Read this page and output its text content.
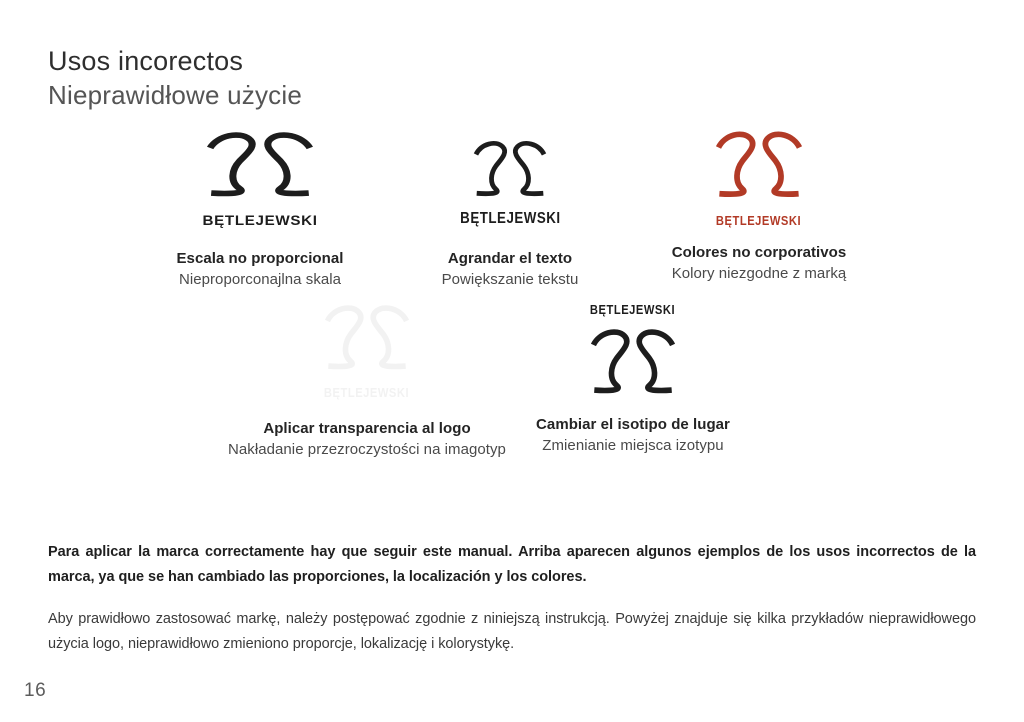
Usos incorectos
Nieprawidłowe użycie
BĘTLEJEWSKI
Escala no proporcional
Nieproporconajlna skala
BĘTLEJEWSKI
Agrandar el texto
Powiększanie tekstu
BĘTLEJEWSKI
Colores no corporativos
Kolory niezgodne z marką
BĘTLEJEWSKI
Aplicar transparencia al logo
Nakładanie przezroczystości na imagotyp
BĘTLEJEWSKI
Cambiar el isotipo de lugar
Zmienianie miejsca izotypu

Para aplicar la marca correctamente hay que seguir este manual. Arriba aparecen algunos ejemplos de los usos incorrectos de la marca, ya que se han cambiado las proporciones, la localización y los colores.

Aby prawidłowo zastosować markę, należy postępować zgodnie z niniejszą instrukcją. Powyżej znajduje się kilka przykładów nieprawidłowego użycia logo, nieprawidłowo zmieniono proporcje, lokalizację i kolorystykę.

16
